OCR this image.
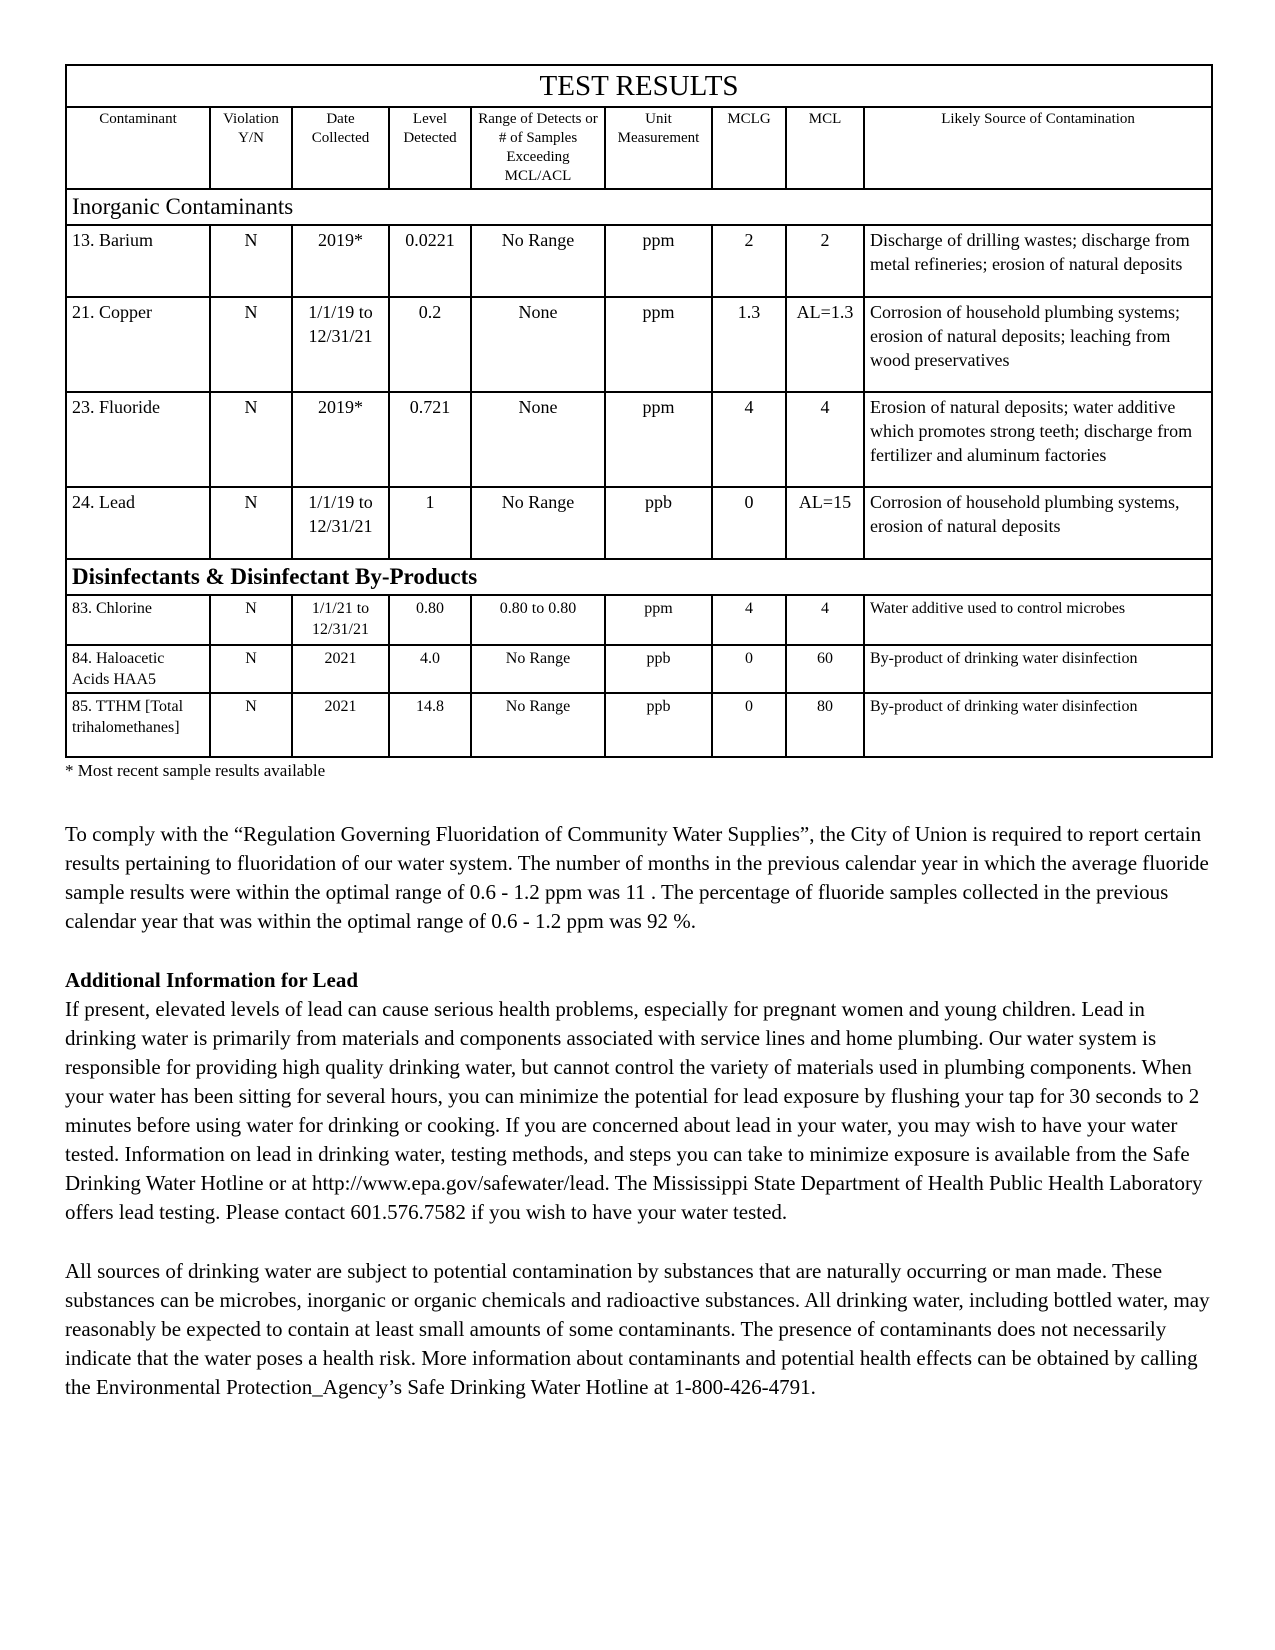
TEST RESULTS								
Contaminant	Violation Y/N	Date Collected	Level Detected	Range of Detects or # of Samples Exceeding MCL/ACL	Unit Measurement	MCLG	MCL	Likely Source of Contamination
Inorganic Contaminants								
13. Barium	N	2019*	0.0221	No Range	ppm	2	2	Discharge of drilling wastes; discharge from metal refineries; erosion of natural deposits
21. Copper	N	1/1/19 to 12/31/21	0.2	None	ppm	1.3	AL=1.3	Corrosion of household plumbing systems; erosion of natural deposits; leaching from wood preservatives
23. Fluoride	N	2019*	0.721	None	ppm	4	4	Erosion of natural deposits; water additive which promotes strong teeth; discharge from fertilizer and aluminum factories
24. Lead	N	1/1/19 to 12/31/21	1	No Range	ppb	0	AL=15	Corrosion of household plumbing systems, erosion of natural deposits
Disinfectants & Disinfectant By-Products								
83. Chlorine	N	1/1/21 to 12/31/21	0.80	0.80 to 0.80	ppm	4	4	Water additive used to control microbes
84. Haloacetic Acids HAA5	N	2021	4.0	No Range	ppb	0	60	By-product of drinking water disinfection
85. TTHM [Total trihalomethanes]	N	2021	14.8	No Range	ppb	0	80	By-product of drinking water disinfection
* Most recent sample results available

To comply with the “Regulation Governing Fluoridation of Community Water Supplies”, the City of Union is required to report certain results pertaining to fluoridation of our water system. The number of months in the previous calendar year in which the average fluoride sample results were within the optimal range of 0.6 - 1.2 ppm was 11 . The percentage of fluoride samples collected in the previous calendar year that was within the optimal range of 0.6 - 1.2 ppm was 92 %.

Additional Information for Lead

If present, elevated levels of lead can cause serious health problems, especially for pregnant women and young children. Lead in drinking water is primarily from materials and components associated with service lines and home plumbing. Our water system is responsible for providing high quality drinking water, but cannot control the variety of materials used in plumbing components. When your water has been sitting for several hours, you can minimize the potential for lead exposure by flushing your tap for 30 seconds to 2 minutes before using water for drinking or cooking. If you are concerned about lead in your water, you may wish to have your water tested. Information on lead in drinking water, testing methods, and steps you can take to minimize exposure is available from the Safe Drinking Water Hotline or at http://www.epa.gov/safewater/lead. The Mississippi State Department of Health Public Health Laboratory offers lead testing. Please contact 601.576.7582 if you wish to have your water tested.

All sources of drinking water are subject to potential contamination by substances that are naturally occurring or man made. These substances can be microbes, inorganic or organic chemicals and radioactive substances. All drinking water, including bottled water, may reasonably be expected to contain at least small amounts of some contaminants. The presence of contaminants does not necessarily indicate that the water poses a health risk. More information about contaminants and potential health effects can be obtained by calling the Environmental Protection_Agency’s Safe Drinking Water Hotline at 1-800-426-4791.
